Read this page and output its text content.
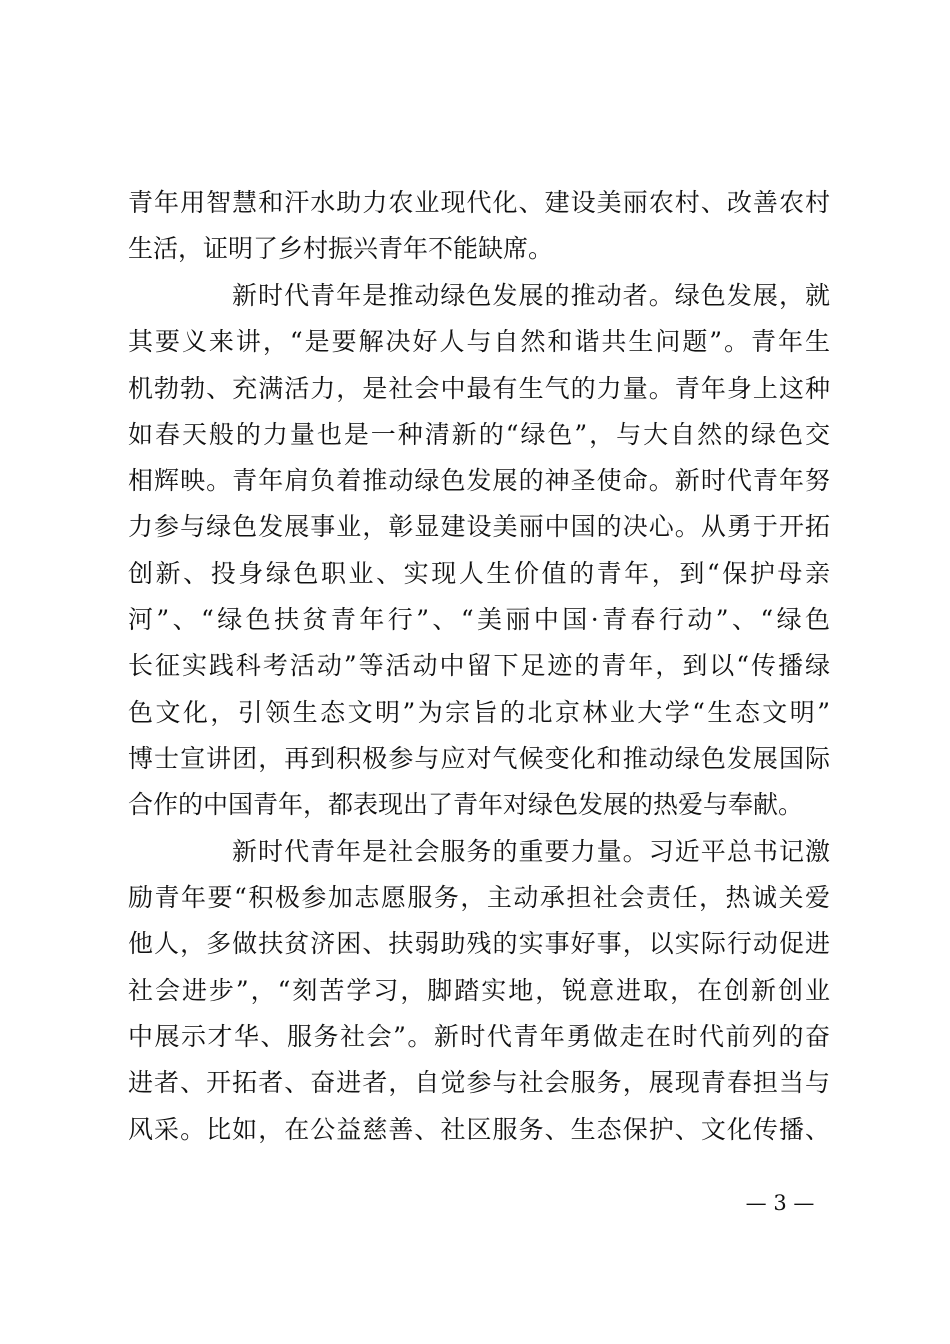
青年用智慧和汗水助力农业现代化、建设美丽农村、改善农村
生活，证明了乡村振兴青年不能缺席。
新时代青年是推动绿色发展的推动者。绿色发展，就
其要义来讲，“是要解决好人与自然和谐共生问题”。青年生
机勃勃、充满活力，是社会中最有生气的力量。青年身上这种
如春天般的力量也是一种清新的“绿色”，与大自然的绿色交
相辉映。青年肩负着推动绿色发展的神圣使命。新时代青年努
力参与绿色发展事业，彰显建设美丽中国的决心。从勇于开拓
创新、投身绿色职业、实现人生价值的青年，到“保护母亲
河”、“绿色扶贫青年行”、“美丽中国·青春行动”、“绿色
长征实践科考活动”等活动中留下足迹的青年，到以“传播绿
色文化，引领生态文明”为宗旨的北京林业大学“生态文明”
博士宣讲团，再到积极参与应对气候变化和推动绿色发展国际
合作的中国青年，都表现出了青年对绿色发展的热爱与奉献。
新时代青年是社会服务的重要力量。习近平总书记激
励青年要“积极参加志愿服务，主动承担社会责任，热诚关爱
他人，多做扶贫济困、扶弱助残的实事好事，以实际行动促进
社会进步”，“刻苦学习，脚踏实地，锐意进取，在创新创业
中展示才华、服务社会”。新时代青年勇做走在时代前列的奋
进者、开拓者、奋进者，自觉参与社会服务，展现青春担当与
风采。比如，在公益慈善、社区服务、生态保护、文化传播、
— 3 —
